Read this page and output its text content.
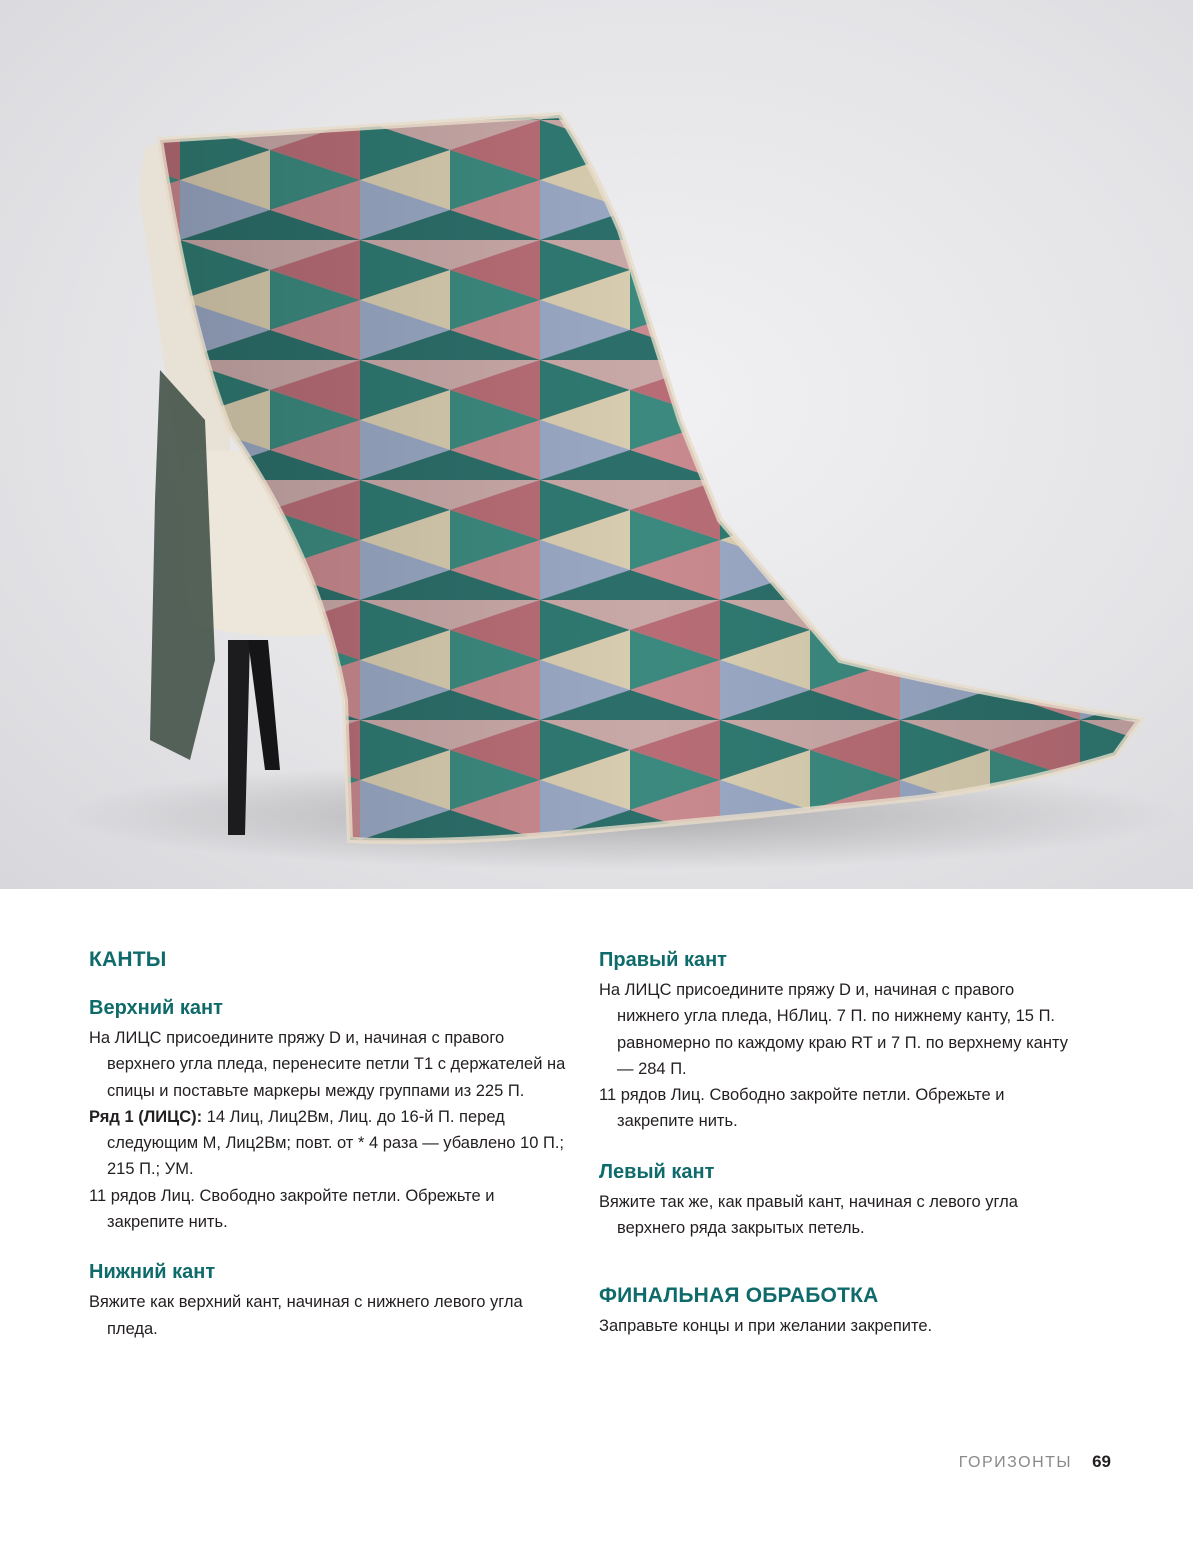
КАНТЫ
Верхний кант

На ЛИЦС присоедините пряжу D и, начиная с правого верхнего угла пледа, перенесите петли Т1 с держателей на спицы и поставьте маркеры между группами из 225 П.

Ряд 1 (ЛИЦС): 14 Лиц, Лиц2Вм, Лиц. до 16-й П. перед следующим М, Лиц2Вм; повт. от * 4 раза — убавлено 10 П.; 215 П.; УМ.

11 рядов Лиц. Свободно закройте петли. Обрежьте и закрепите нить.

Нижний кант

Вяжите как верхний кант, начиная с нижнего левого угла пледа.

Правый кант

На ЛИЦС присоедините пряжу D и, начиная с правого нижнего угла пледа, НбЛиц. 7 П. по нижнему канту, 15 П. равномерно по каждому краю RT и 7 П. по верхнему канту — 284 П.

11 рядов Лиц. Свободно закройте петли. Обрежьте и закрепите нить.

Левый кант

Вяжите так же, как правый кант, начиная с левого угла верхнего ряда закрытых петель.

ФИНАЛЬНАЯ ОБРАБОТКА

Заправьте концы и при желании закрепите.

ГОРИЗОНТЫ 69
